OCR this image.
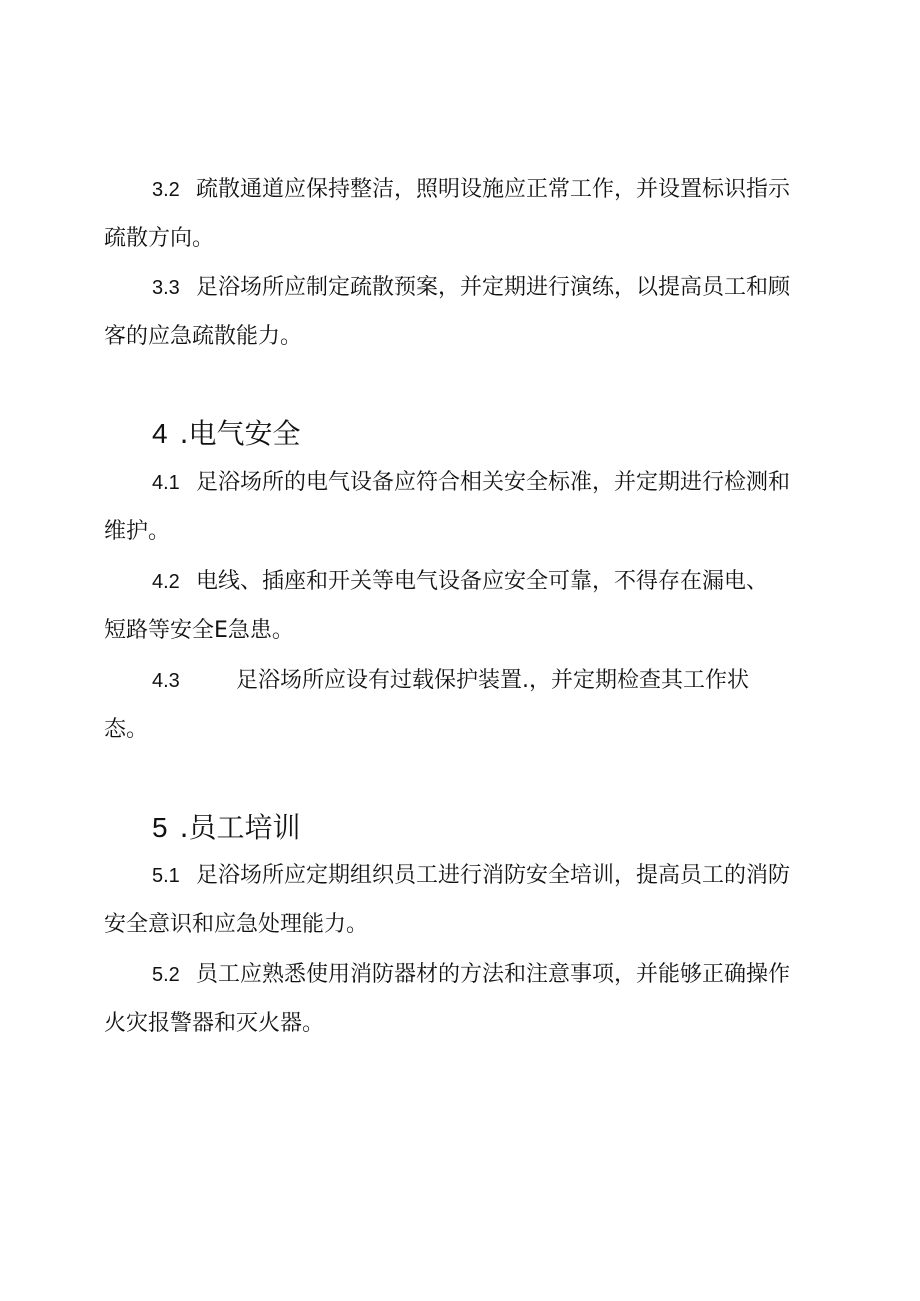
3.2 疏散通道应保持整洁，照明设施应正常工作，并设置标识指示
疏散方向。
3.3 足浴场所应制定疏散预案，并定期进行演练，以提高员工和顾
客的应急疏散能力。
4 .电气安全
4.1 足浴场所的电气设备应符合相关安全标准，并定期进行检测和
维护。
4.2 电线、插座和开关等电气设备应安全可靠，不得存在漏电、
短路等安全E急患。
4.3	足浴场所应设有过载保护装置.，并定期检查其工作状
态。
5 .员工培训
5.1 足浴场所应定期组织员工进行消防安全培训，提高员工的消防
安全意识和应急处理能力。
5.2 员工应熟悉使用消防器材的方法和注意事项，并能够正确操作
火灾报警器和灭火器。
